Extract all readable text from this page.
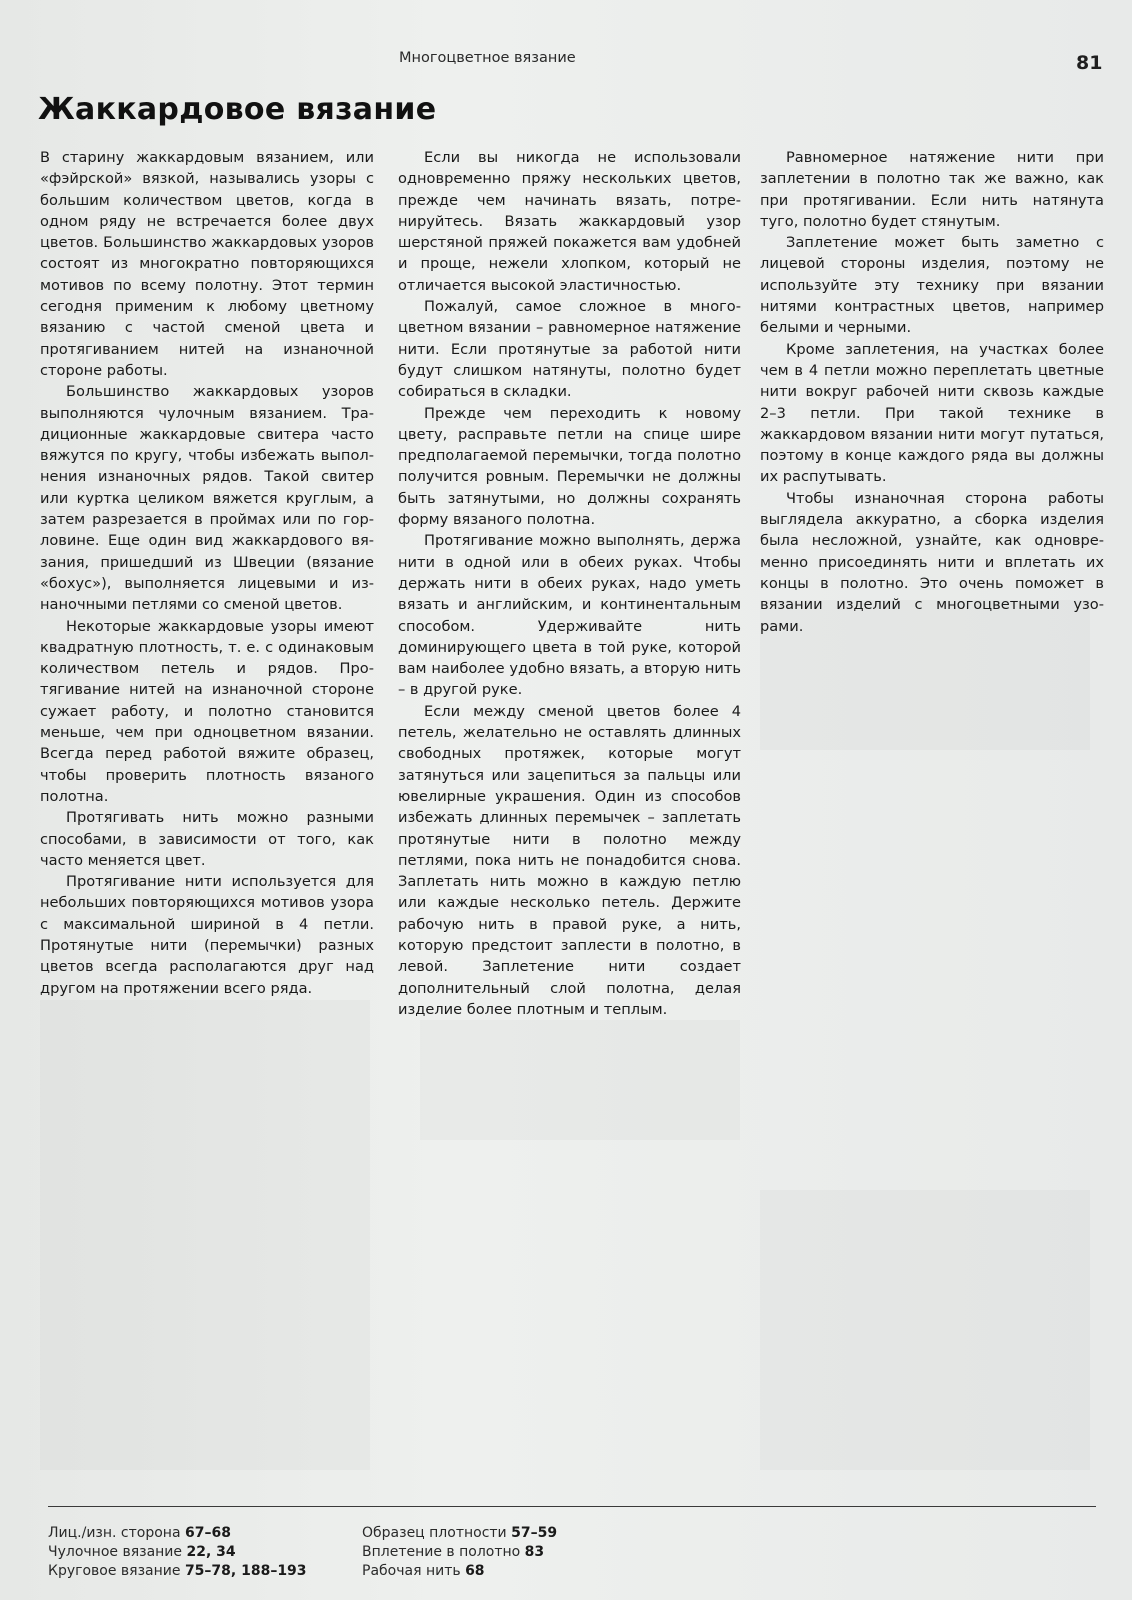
Многоцветное вязание	81
Жаккардовое вязание

В старину жаккардовым вязанием, или «фэйрской» вязкой, назывались узоры с большим количеством цветов, когда в одном ряду не встречается более двух цветов. Большинство жаккардовых узоров состоят из многократно повторяющихся мотивов по всему полотну. Этот термин сегодня применим к любому цветному вязанию с частой сменой цвета и протягиванием нитей на изнаночной стороне работы.

Большинство жаккардовых узоров выполняются чулочным вязанием. Традиционные жаккардовые свитера часто вяжутся по кругу, чтобы избежать выполнения изнаночных рядов. Такой свитер или куртка целиком вяжется круглым, а затем разрезается в проймах или по горловине. Еще один вид жаккардового вязания, пришедший из Швеции (вязание «бохус»), выполняется лицевыми и изнаночными петлями со сменой цветов.

Некоторые жаккардовые узоры имеют квадратную плотность, т. е. с одинаковым количеством петель и рядов. Протягивание нитей на изнаночной стороне сужает работу, и полотно становится меньше, чем при одноцветном вязании. Всегда перед работой вяжите образец, чтобы проверить плотность вязаного полотна.

Протягивать нить можно разными способами, в зависимости от того, как часто меняется цвет.

Протягивание нити используется для небольших повторяющихся мотивов узора с максимальной шириной в 4 петли. Протянутые нити (перемычки) разных цветов всегда располагаются друг над другом на протяжении всего ряда.

Если вы никогда не использовали одновременно пряжу нескольких цветов, прежде чем начинать вязать, потренируйтесь. Вязать жаккардовый узор шерстяной пряжей покажется вам удобней и проще, нежели хлопком, который не отличается высокой эластичностью.

Пожалуй, самое сложное в многоцветном вязании – равномерное натяжение нити. Если протянутые за работой нити будут слишком натянуты, полотно будет собираться в складки.

Прежде чем переходить к новому цвету, расправьте петли на спице шире предполагаемой перемычки, тогда полотно получится ровным. Перемычки не должны быть затянутыми, но должны сохранять форму вязаного полотна.

Протягивание можно выполнять, держа нити в одной или в обеих руках. Чтобы держать нити в обеих руках, надо уметь вязать и английским, и континентальным способом. Удерживайте нить доминирующего цвета в той руке, которой вам наиболее удобно вязать, а вторую нить – в другой руке.

Если между сменой цветов более 4 петель, желательно не оставлять длинных свободных протяжек, которые могут затянуться или зацепиться за пальцы или ювелирные украшения. Один из способов избежать длинных перемычек – заплетать протянутые нити в полотно между петлями, пока нить не понадобится снова. Заплетать нить можно в каждую петлю или каждые несколько петель. Держите рабочую нить в правой руке, а нить, которую предстоит заплести в полотно, в левой. Заплетение нити создает дополнительный слой полотна, делая изделие более плотным и теплым.

Равномерное натяжение нити при заплетении в полотно так же важно, как при протягивании. Если нить натянута туго, полотно будет стянутым.

Заплетение может быть заметно с лицевой стороны изделия, поэтому не используйте эту технику при вязании нитями контрастных цветов, например белыми и черными.

Кроме заплетения, на участках более чем в 4 петли можно переплетать цветные нити вокруг рабочей нити сквозь каждые 2–3 петли. При такой технике в жаккардовом вязании нити могут путаться, поэтому в конце каждого ряда вы должны их распутывать.

Чтобы изнаночная сторона работы выглядела аккуратно, а сборка изделия была несложной, узнайте, как одновременно присоединять нити и вплетать их концы в полотно. Это очень поможет в вязании изделий с многоцветными узорами.

Лиц./изн. сторона 67–68
Чулочное вязание 22, 34
Круговое вязание 75–78, 188–193
Образец плотности 57–59
Вплетение в полотно 83
Рабочая нить 68
